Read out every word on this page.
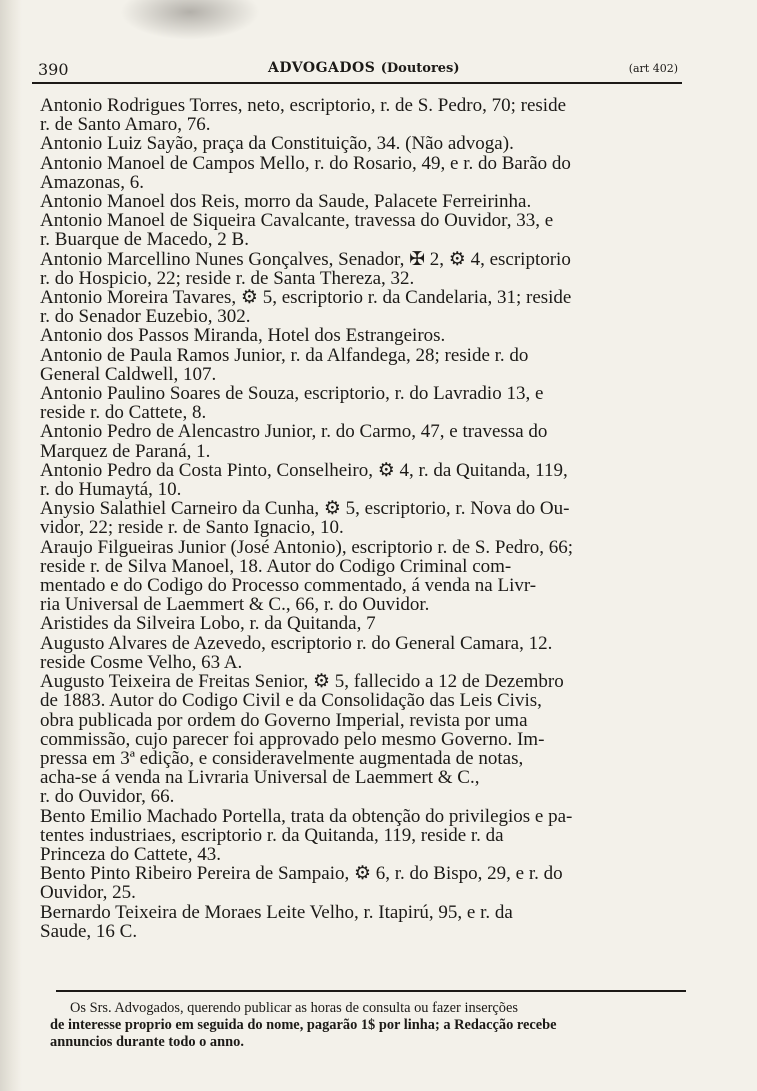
390	ADVOGADOS (Doutores)	(art 402)
Antonio Rodrigues Torres, neto, escriptorio, r. de S. Pedro, 70; reside
r. de Santo Amaro, 76.
Antonio Luiz Sayão, praça da Constituição, 34. (Não advoga).
Antonio Manoel de Campos Mello, r. do Rosario, 49, e r. do Barão do
Amazonas, 6.
Antonio Manoel dos Reis, morro da Saude, Palacete Ferreirinha.
Antonio Manoel de Siqueira Cavalcante, travessa do Ouvidor, 33, e
r. Buarque de Macedo, 2 B.
Antonio Marcellino Nunes Gonçalves, Senador, ✠ 2, ⚙ 4, escriptorio
r. do Hospicio, 22; reside r. de Santa Thereza, 32.
Antonio Moreira Tavares, ⚙ 5, escriptorio r. da Candelaria, 31; reside
r. do Senador Euzebio, 302.
Antonio dos Passos Miranda, Hotel dos Estrangeiros.
Antonio de Paula Ramos Junior, r. da Alfandega, 28; reside r. do
General Caldwell, 107.
Antonio Paulino Soares de Souza, escriptorio, r. do Lavradio 13, e
reside r. do Cattete, 8.
Antonio Pedro de Alencastro Junior, r. do Carmo, 47, e travessa do
Marquez de Paraná, 1.
Antonio Pedro da Costa Pinto, Conselheiro, ⚙ 4, r. da Quitanda, 119,
r. do Humaytá, 10.
Anysio Salathiel Carneiro da Cunha, ⚙ 5, escriptorio, r. Nova do Ou-
vidor, 22; reside r. de Santo Ignacio, 10.
Araujo Filgueiras Junior (José Antonio), escriptorio r. de S. Pedro, 66;
reside r. de Silva Manoel, 18. Autor do Codigo Criminal com-
mentado e do Codigo do Processo commentado, á venda na Livr-
ria Universal de Laemmert & C., 66, r. do Ouvidor.
Aristides da Silveira Lobo, r. da Quitanda, 7
Augusto Alvares de Azevedo, escriptorio r. do General Camara, 12.
reside Cosme Velho, 63 A.
Augusto Teixeira de Freitas Senior, ⚙ 5, fallecido a 12 de Dezembro
de 1883. Autor do Codigo Civil e da Consolidação das Leis Civis,
obra publicada por ordem do Governo Imperial, revista por uma
commissão, cujo parecer foi approvado pelo mesmo Governo. Im-
pressa em 3ª edição, e consideravelmente augmentada de notas,
acha-se á venda na Livraria Universal de Laemmert & C.,
r. do Ouvidor, 66.
Bento Emilio Machado Portella, trata da obtenção do privilegios e pa-
tentes industriaes, escriptorio r. da Quitanda, 119, reside r. da
Princeza do Cattete, 43.
Bento Pinto Ribeiro Pereira de Sampaio, ⚙ 6, r. do Bispo, 29, e r. do
Ouvidor, 25.
Bernardo Teixeira de Moraes Leite Velho, r. Itapirú, 95, e r. da
Saude, 16 C.
Os Srs. Advogados, querendo publicar as horas de consulta ou fazer inserções
de interesse proprio em seguida do nome, pagarão 1$ por linha; a Redacção recebe
annuncios durante todo o anno.
